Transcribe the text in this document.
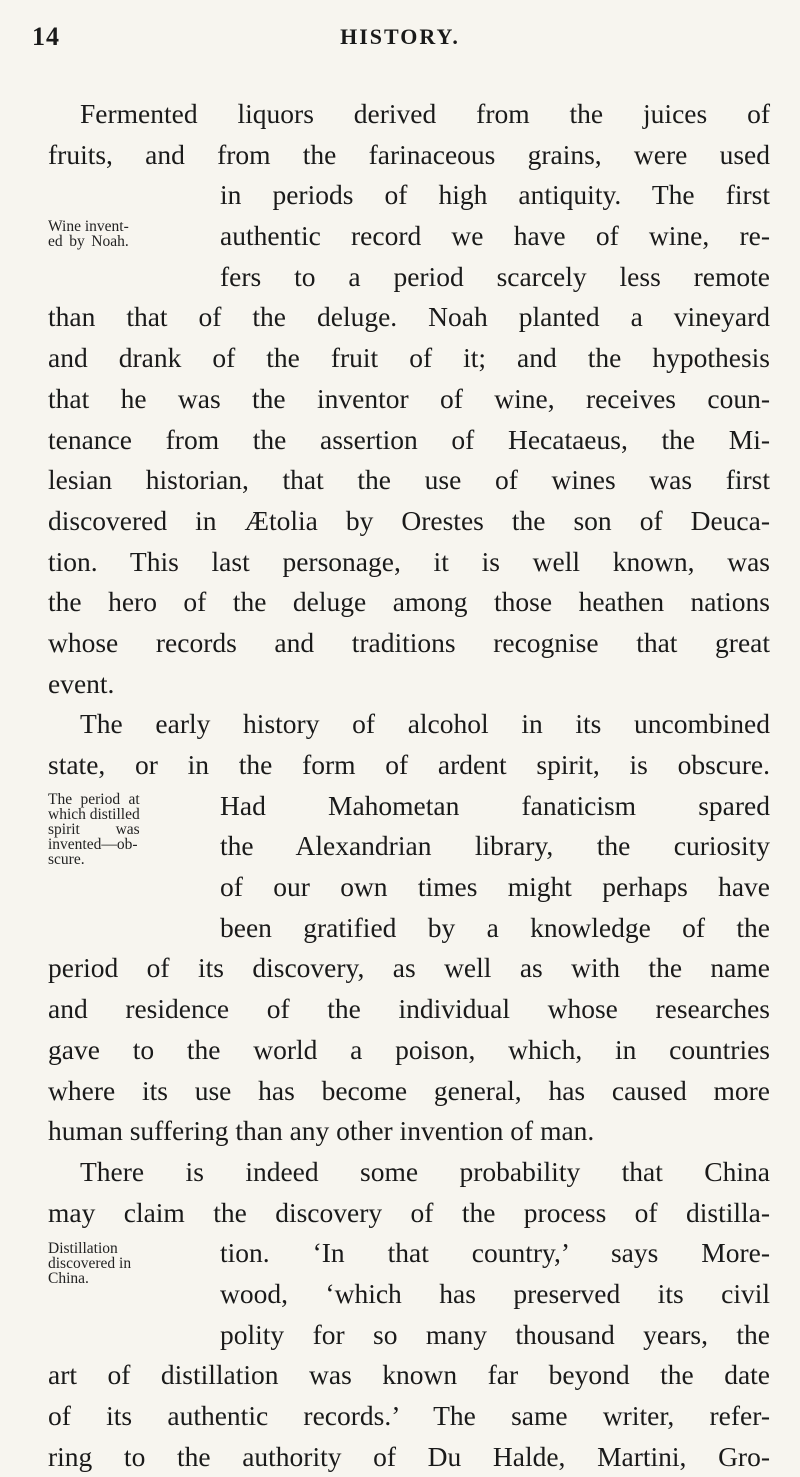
14	HISTORY.
Fermented liquors derived from the juices of
fruits, and from the farinaceous grains, were used
in periods of high antiquity. The first
Wine invent-
ed by Noah.	authentic record we have of wine, re-
fers to a period scarcely less remote
than that of the deluge. Noah planted a vineyard
and drank of the fruit of it; and the hypothesis
that he was the inventor of wine, receives coun-
tenance from the assertion of Hecataeus, the Mi-
lesian historian, that the use of wines was first
discovered in Ætolia by Orestes the son of Deuca-
tion. This last personage, it is well known, was
the hero of the deluge among those heathen nations
whose records and traditions recognise that great
event.
The early history of alcohol in its uncombined
state, or in the form of ardent spirit, is obscure.
The period at
which distilled
spirit was
invented—ob-
scure.
Had Mahometan fanaticism spared
the Alexandrian library, the curiosity
of our own times might perhaps have
been gratified by a knowledge of the
period of its discovery, as well as with the name
and residence of the individual whose researches
gave to the world a poison, which, in countries
where its use has become general, has caused more
human suffering than any other invention of man.
There is indeed some probability that China
may claim the discovery of the process of distilla-
Distillation
discovered in
China.
tion. ‘In that country,’ says More-
wood, ‘which has preserved its civil
polity for so many thousand years, the
art of distillation was known far beyond the date
of its authentic records.’ The same writer, refer-
ring to the authority of Du Halde, Martini, Gro-
